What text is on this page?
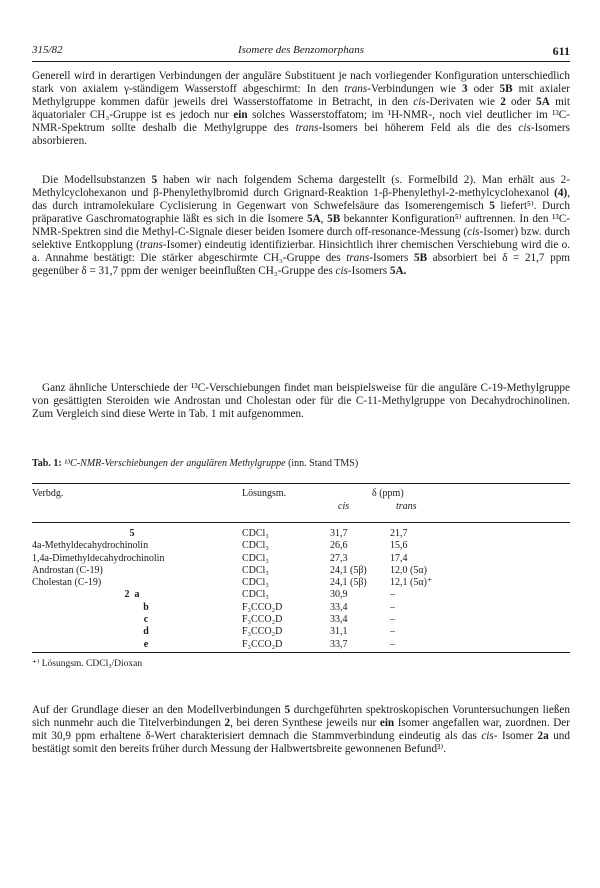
315/82	Isomere des Benzomorphans	611

Generell wird in derartigen Verbindungen der anguläre Substituent je nach vorliegender Konfiguration unterschiedlich stark von axialem γ-ständigem Wasserstoff abgeschirmt: In den trans-Verbindungen wie 3 oder 5B mit axialer Methylgruppe kommen dafür jeweils drei Wasserstoffatome in Betracht, in den cis-Derivaten wie 2 oder 5A mit äquatorialer CH₃-Gruppe ist es jedoch nur ein solches Wasserstoffatom; im ¹H-NMR-, noch viel deutlicher im ¹³C-NMR-Spektrum sollte deshalb die Methylgruppe des trans-Isomers bei höherem Feld als die des cis-Isomers absorbieren.

Die Modellsubstanzen 5 haben wir nach folgendem Schema dargestellt (s. Formelbild 2). Man erhält aus 2-Methylcyclohexanon und β-Phenylethylbromid durch Grignard-Reaktion 1-β-Phenylethyl-2-methylcyclohexanol (4), das durch intramolekulare Cyclisierung in Gegenwart von Schwefelsäure das Isomerengemisch 5 liefert⁵⁾. Durch präparative Gaschromatographie läßt es sich in die Isomere 5A, 5B bekannter Konfiguration⁵⁾ auftrennen. In den ¹³C-NMR-Spektren sind die Methyl-C-Signale dieser beiden Isomere durch off-resonance-Messung (cis-Isomer) bzw. durch selektive Entkopplung (trans-Isomer) eindeutig identifizierbar. Hinsichtlich ihrer chemischen Verschiebung wird die o. a. Annahme bestätigt: Die stärker abgeschirmte CH₃-Gruppe des trans-Isomers 5B absorbiert bei δ = 21,7 ppm gegenüber δ = 31,7 ppm der weniger beeinflußten CH₃-Gruppe des cis-Isomers 5A.

Ganz ähnliche Unterschiede der ¹³C-Verschiebungen findet man beispielsweise für die anguläre C-19-Methylgruppe von gesättigten Steroiden wie Androstan und Cholestan oder für die C-11-Methylgruppe von Decahydrochinolinen. Zum Vergleich sind diese Werte in Tab. 1 mit aufgenommen.

Tab. 1: ¹³C-NMR-Verschiebungen der angulären Methylgruppe (inn. Stand TMS)
Verbdg.	Lösungsm.	δ (ppm)
cis	trans
5	CDCl₃	31,7	21,7
4a-Methyldecahydrochinolin	CDCl₃	26,6	15,6
1,4a-Dimethyldecahydrochinolin	CDCl₃	27,3	17,4
Androstan (C-19)	CDCl₃	24,1 (5β) 12,0 (5α)
Cholestan (C-19)	CDCl₃	24,1 (5β) 12,1 (5α)⁺
2  a	CDCl₃	30,9	–
b	F₃CCO₂D	33,4	–
c	F₃CCO₂D	33,4	–
d	F₃CCO₂D	31,1	–
e	F₃CCO₂D	33,7	–
⁺⁾ Lösungsm. CDCl₃/Dioxan

Auf der Grundlage dieser an den Modellverbindungen 5 durchgeführten spektroskopischen Voruntersuchungen ließen sich nunmehr auch die Titelverbindungen 2, bei deren Synthese jeweils nur ein Isomer angefallen war, zuordnen. Der mit 30,9 ppm erhaltene δ-Wert charakterisiert demnach die Stammverbindung eindeutig als das cis- Isomer 2a und bestätigt somit den bereits früher durch Messung der Halbwertsbreite gewonnenen Befund³⁾.
